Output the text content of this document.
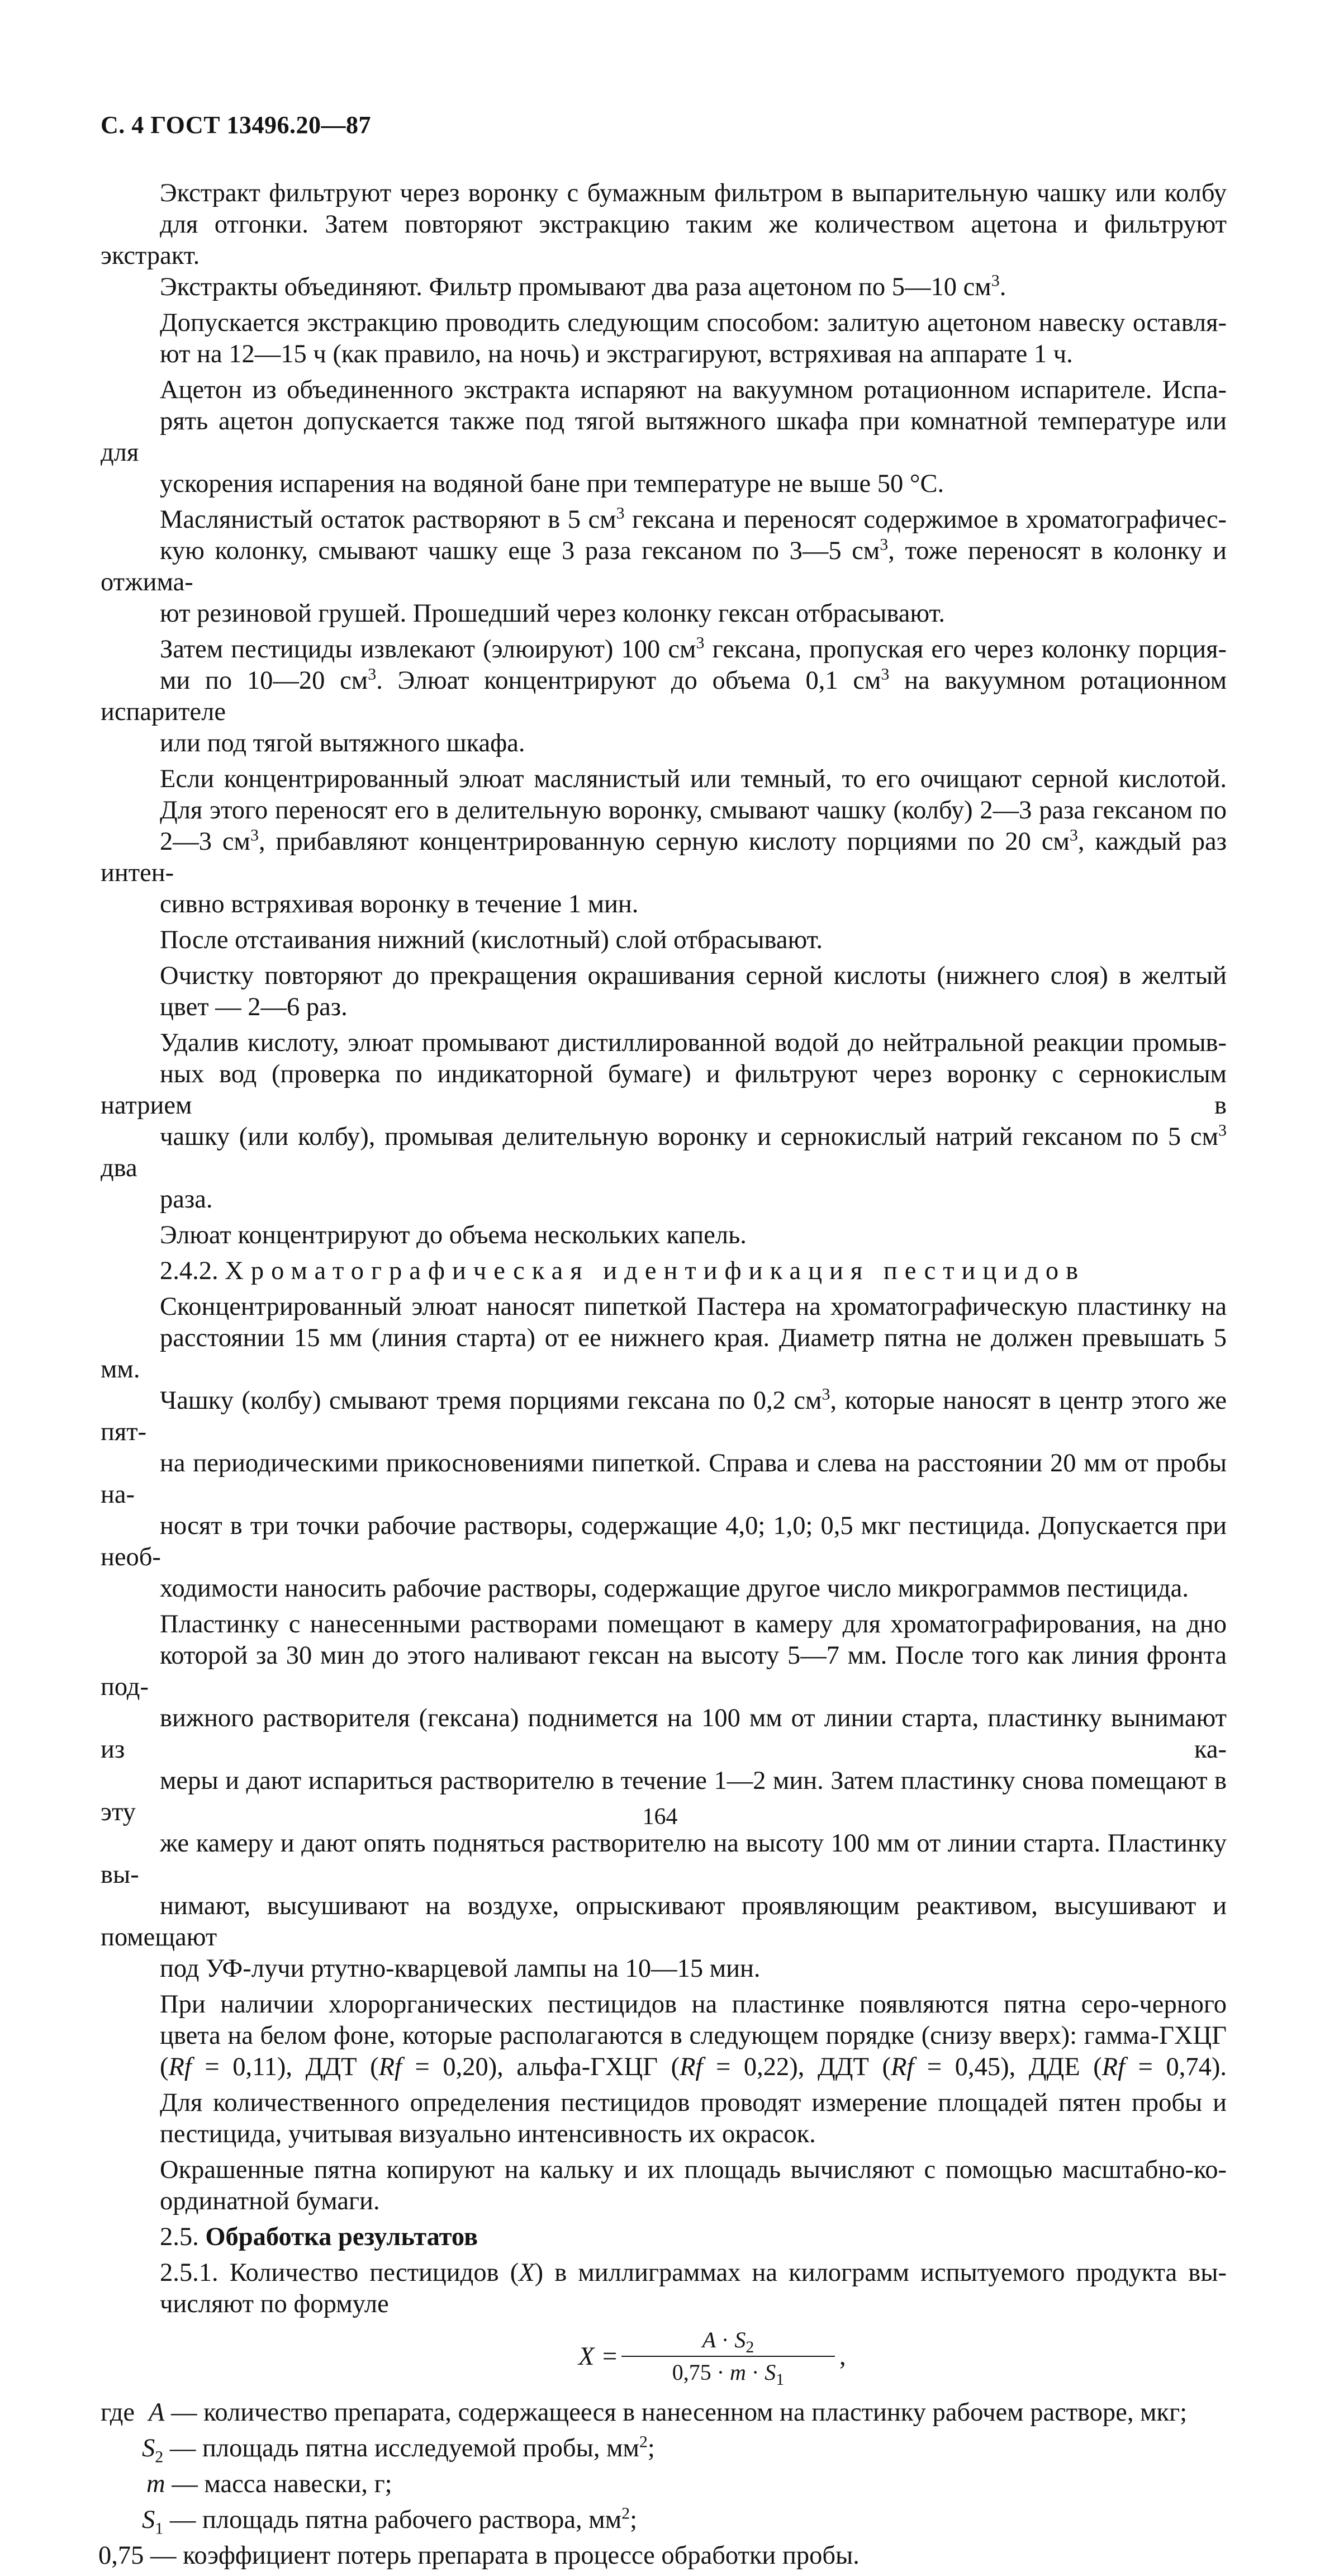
С. 4 ГОСТ 13496.20—87
Экстракт фильтруют через воронку с бумажным фильтром в выпарительную чашку или колбу
для отгонки. Затем повторяют экстракцию таким же количеством ацетона и фильтруют экстракт.
Экстракты объединяют. Фильтр промывают два раза ацетоном по 5—10 $см^3$.
Допускается экстракцию проводить следующим способом: залитую ацетоном навеску оставля-
ют на 12—15 ч (как правило, на ночь) и экстрагируют, встряхивая на аппарате 1 ч.
Ацетон из объединенного экстракта испаряют на вакуумном ротационном испарителе. Испа-
рять ацетон допускается также под тягой вытяжного шкафа при комнатной температуре или для
ускорения испарения на водяной бане при температуре не выше 50 °С.
Маслянистый остаток растворяют в 5 $см^3$ гексана и переносят содержимое в хроматографичес-
кую колонку, смывают чашку еще 3 раза гексаном по 3—5 $см^3$, тоже переносят в колонку и отжима-
ют резиновой грушей. Прошедший через колонку гексан отбрасывают.
Затем пестициды извлекают (элюируют) 100 $см^3$ гексана, пропуская его через колонку порция-
ми по 10—20 $см^3$. Элюат концентрируют до объема 0,1 $см^3$ на вакуумном ротационном испарителе
или под тягой вытяжного шкафа.
Если концентрированный элюат маслянистый или темный, то его очищают серной кислотой.
Для этого переносят его в делительную воронку, смывают чашку (колбу) 2—3 раза гексаном по
2—3 $см^3$, прибавляют концентрированную серную кислоту порциями по 20 $см^3$, каждый раз интен-
сивно встряхивая воронку в течение 1 мин.
После отстаивания нижний (кислотный) слой отбрасывают.
Очистку повторяют до прекращения окрашивания серной кислоты (нижнего слоя) в желтый
цвет — 2—6 раз.
Удалив кислоту, элюат промывают дистиллированной водой до нейтральной реакции промыв-
ных вод (проверка по индикаторной бумаге) и фильтруют через воронку с сернокислым натрием в
чашку (или колбу), промывая делительную воронку и сернокислый натрий гексаном по 5 $см^3$ два
раза.
Элюат концентрируют до объема нескольких капель.
2.4.2. Хроматографическая идентификация пестицидов
Сконцентрированный элюат наносят пипеткой Пастера на хроматографическую пластинку на
расстоянии 15 мм (линия старта) от ее нижнего края. Диаметр пятна не должен превышать 5 мм.
Чашку (колбу) смывают тремя порциями гексана по 0,2 $см^3$, которые наносят в центр этого же пят-
на периодическими прикосновениями пипеткой. Справа и слева на расстоянии 20 мм от пробы на-
носят в три точки рабочие растворы, содержащие 4,0; 1,0; 0,5 мкг пестицида. Допускается при необ-
ходимости наносить рабочие растворы, содержащие другое число микрограммов пестицида.
Пластинку с нанесенными растворами помещают в камеру для хроматографирования, на дно
которой за 30 мин до этого наливают гексан на высоту 5—7 мм. После того как линия фронта под-
вижного растворителя (гексана) поднимется на 100 мм от линии старта, пластинку вынимают из ка-
меры и дают испариться растворителю в течение 1—2 мин. Затем пластинку снова помещают в эту
же камеру и дают опять подняться растворителю на высоту 100 мм от линии старта. Пластинку вы-
нимают, высушивают на воздухе, опрыскивают проявляющим реактивом, высушивают и помещают
под УФ-лучи ртутно-кварцевой лампы на 10—15 мин.
При наличии хлорорганических пестицидов на пластинке появляются пятна серо-черного
цвета на белом фоне, которые располагаются в следующем порядке (снизу вверх): гамма-ГХЦГ
(Rf = 0,11), ДДТ (Rf = 0,20), альфа-ГХЦГ (Rf = 0,22), ДДТ (Rf = 0,45), ДДЕ (Rf = 0,74).
Для количественного определения пестицидов проводят измерение площадей пятен пробы и
пестицида, учитывая визуально интенсивность их окрасок.
Окрашенные пятна копируют на кальку и их площадь вычисляют с помощью масштабно-ко-
ординатной бумаги.
2.5. Обработка результатов
2.5.1. Количество пестицидов (X) в миллиграммах на килограмм испытуемого продукта вы-
числяют по формуле
X =
$A \cdot S_2$
$0,75 \cdot m \cdot S_1$
,
где A — количество препарата, содержащееся в нанесенном на пластинку рабочем растворе, мкг;
$S_2$ — площадь пятна исследуемой пробы, $мм^2$;
m — масса навески, г;
$S_1$ — площадь пятна рабочего раствора, $мм^2$;
0,75 — коэффициент потерь препарата в процессе обработки пробы.
164
